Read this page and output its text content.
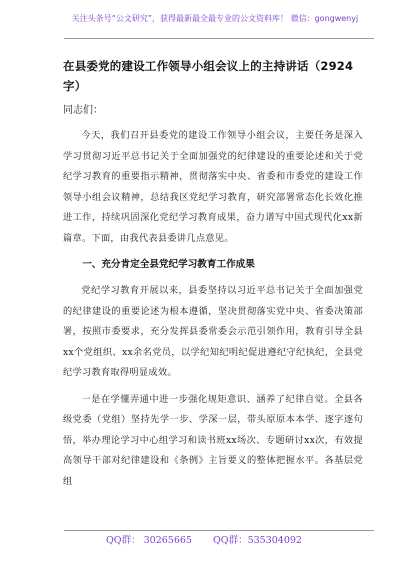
关注头条号“公文研究”，获得最新最全最专业的公文资料库！ 微信：gongwenyj
在县委党的建设工作领导小组会议上的主持讲话（2924字）
同志们：

今天，我们召开县委党的建设工作领导小组会议，主要任务是深入学习贯彻习近平总书记关于全面加强党的纪律建设的重要论述和关于党纪学习教育的重要指示精神，贯彻落实中央、省委和市委党的建设工作领导小组会议精神，总结我区党纪学习教育，研究部署常态化长效化推进工作，持续巩固深化党纪学习教育成果，奋力谱写中国式现代化xx新篇章。下面，由我代表县委讲几点意见。

一、充分肯定全县党纪学习教育工作成果

党纪学习教育开展以来，县委坚持以习近平总书记关于全面加强党的纪律建设的重要论述为根本遵循，坚决贯彻落实党中央、省委决策部署，按照市委要求，充分发挥县委常委会示范引领作用，教育引导全县xx个党组织、xx余名党员，以学纪知纪明纪促进遵纪守纪执纪，全县党纪学习教育取得明显成效。

一是在学懂弄通中进一步强化规矩意识、涵养了纪律自觉。全县各级党委（党组）坚持先学一步、学深一层，带头原原本本学、逐字逐句悟，举办理论学习中心组学习和读书班xx场次、专题研讨xx次，有效提高领导干部对纪律建设和《条例》主旨要义的整体把握水平。各基层党组

QQ群： 30265665 QQ群：535304092
